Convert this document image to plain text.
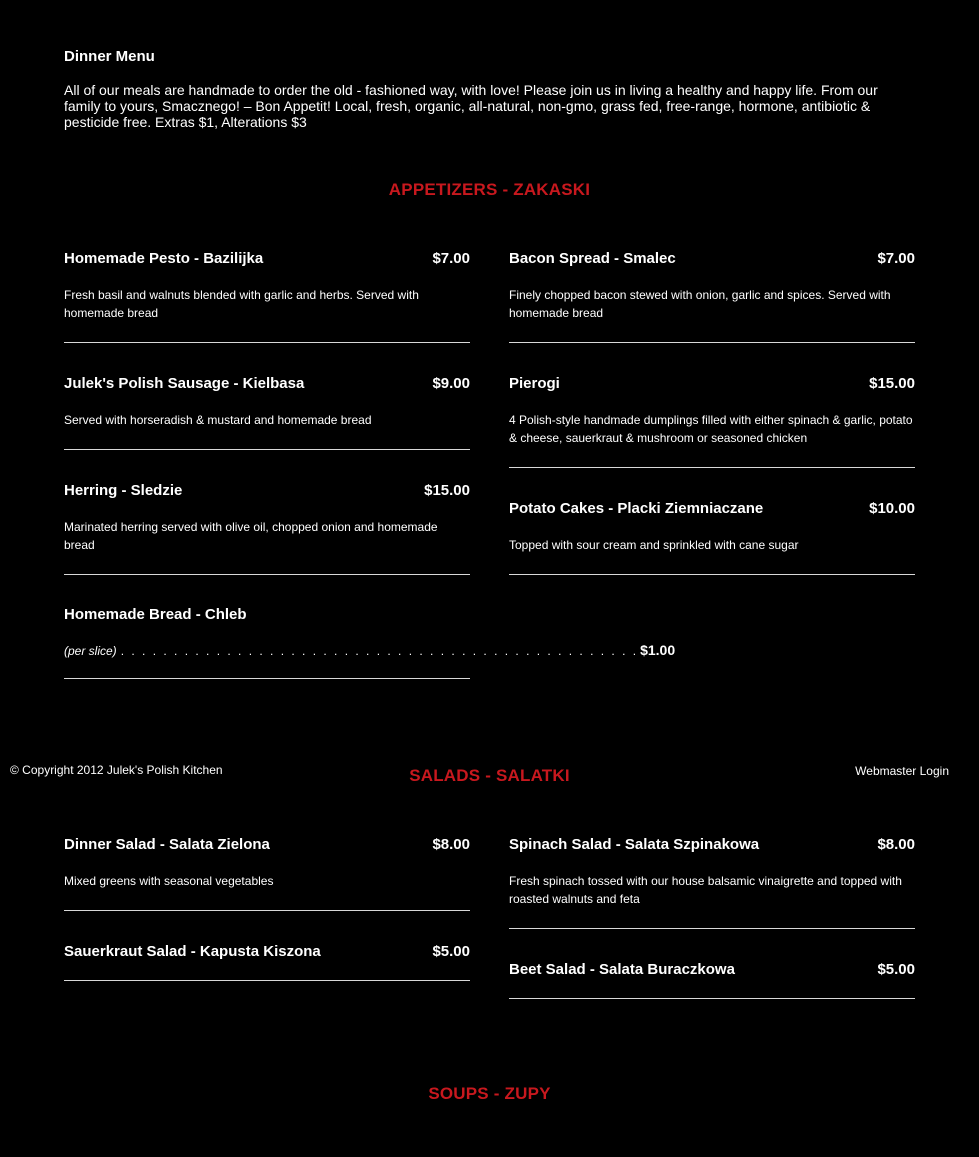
Dinner Menu

All of our meals are handmade to order the old - fashioned way, with love! Please join us in living a healthy and happy life. From our family to yours, Smacznego! – Bon Appetit! Local, fresh, organic, all-natural, non-gmo, grass fed, free-range, hormone, antibiotic & pesticide free. Extras $1, Alterations $3

APPETIZERS - ZAKASKI
Homemade Pesto - Bazilijka	$7.00
Fresh basil and walnuts blended with garlic and herbs. Served with homemade bread
Bacon Spread - Smalec	$7.00
Finely chopped bacon stewed with onion, garlic and spices. Served with homemade bread
Julek's Polish Sausage - Kielbasa	$9.00
Served with horseradish & mustard and homemade bread
Pierogi	$15.00
4 Polish-style handmade dumplings filled with either spinach & garlic, potato & cheese, sauerkraut & mushroom or seasoned chicken
Herring - Sledzie	$15.00
Marinated herring served with olive oil, chopped onion and homemade bread
Potato Cakes - Placki Ziemniaczane	$10.00
Topped with sour cream and sprinkled with cane sugar
Homemade Bread - Chleb
(per slice) . . . . . . . . . . . . . . . . . . . . . . . . . . . . . . . . . . . . . . . . . . . . . . . . . $1.00
© Copyright 2012 Julek's Polish Kitchen	SALADS - SALATKI	Webmaster Login
Dinner Salad - Salata Zielona	$8.00
Mixed greens with seasonal vegetables
Spinach Salad - Salata Szpinakowa	$8.00
Fresh spinach tossed with our house balsamic vinaigrette and topped with roasted walnuts and feta
Sauerkraut Salad - Kapusta Kiszona	$5.00
Beet Salad - Salata Buraczkowa	$5.00
SOUPS - ZUPY
